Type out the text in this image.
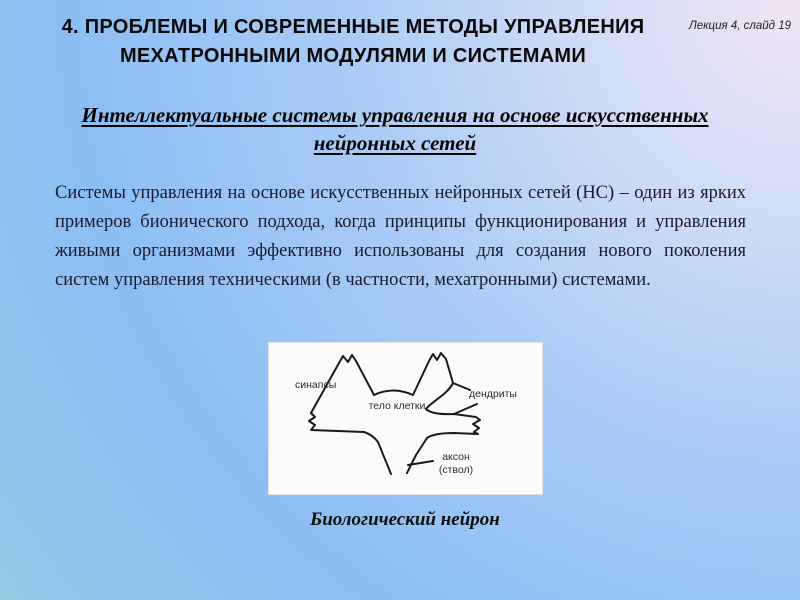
4. ПРОБЛЕМЫ И СОВРЕМЕННЫЕ МЕТОДЫ УПРАВЛЕНИЯ
МЕХАТРОННЫМИ МОДУЛЯМИ И СИСТЕМАМИ
Лекция 4, слайд 19
Интеллектуальные системы управления на основе искусственных нейронных сетей
Системы управления на основе искусственных нейронных сетей (НС) – один из ярких примеров бионического подхода, когда принципы функционирования и управления живыми организмами эффективно использованы для создания нового поколения систем управления техническими (в частности, мехатронными) системами.
синапсы
дендриты
тело клетки
аксон (ствол)
Биологический нейрон
